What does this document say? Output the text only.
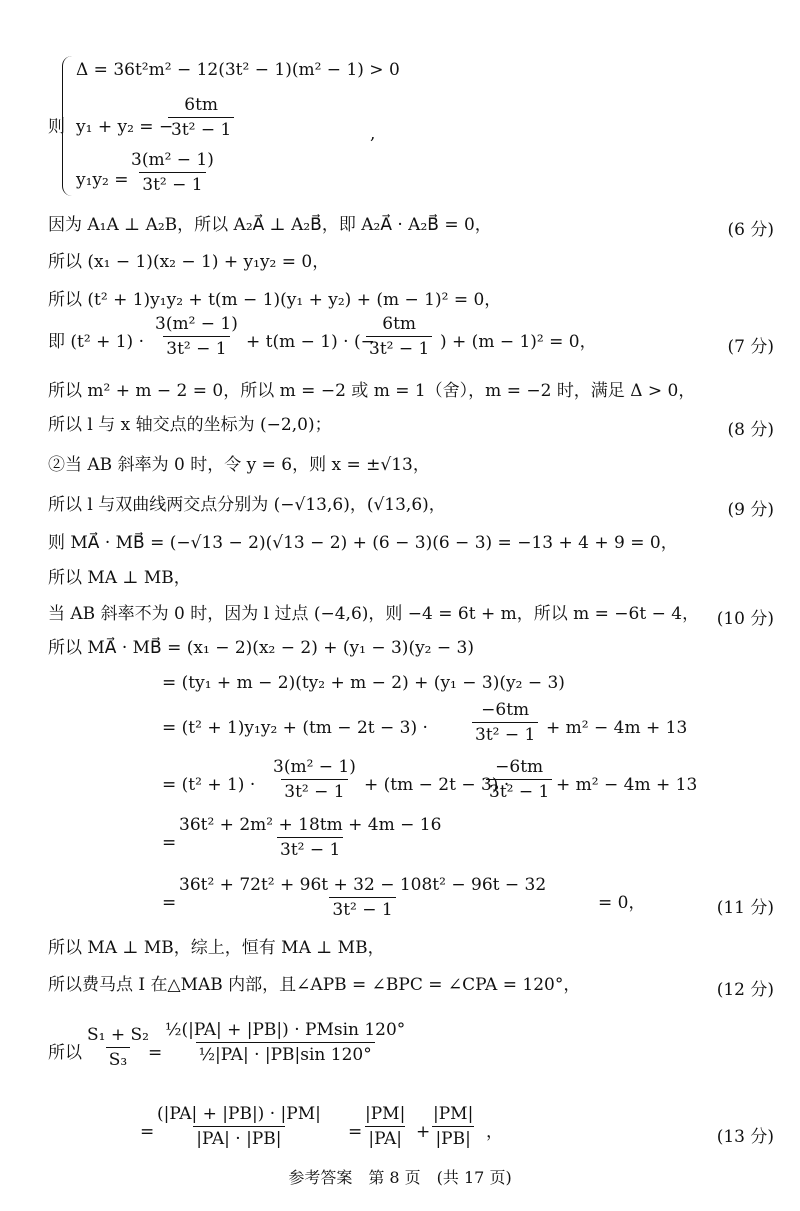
则
Δ = 36t²m² − 12(3t² − 1)(m² − 1) > 0
y₁ + y₂ = −
$\frac{6tm}{\text{3t² − 1}}$	,
$y_1y_2 = \frac{\text{3(m² − 1)}}{\text{3t² − 1}}$
因为 A₁A ⊥ A₂B，所以 A₂A⃗ ⊥ A₂B⃗，即 A₂A⃗ · A₂B⃗ = 0，	(6 分)
所以 (x₁ − 1)(x₂ − 1) + y₁y₂ = 0，
所以 (t² + 1)y₁y₂ + t(m − 1)(y₁ + y₂) + (m − 1)² = 0，
即 $(t^2 + 1) \cdot \frac{\text{3(m² − 1)}}{\text{3t² − 1}} + t(m - 1)$ · (−
$\frac{6tm}{\text{3t² − 1}}$ ) + (m − 1)² = 0，	(7 分)
所以 m² + m − 2 = 0，所以 m = −2 或 m = 1（舍），m = −2 时，满足 Δ > 0，
所以 l 与 x 轴交点的坐标为 (−2,0)；	(8 分)
②当 AB 斜率为 0 时，令 y = 6，则 x = ±√13，
所以 l 与双曲线两交点分别为 (−√13,6)，(√13,6)，	(9 分)
则 MA⃗ · MB⃗ = (−√13 − 2)(√13 − 2) + (6 − 3)(6 − 3) = −13 + 4 + 9 = 0，
所以 MA ⊥ MB，
当 AB 斜率不为 0 时，因为 l 过点 (−4,6)，则 −4 = 6t + m，所以 m = −6t − 4， (10 分)
所以 MA⃗ · MB⃗ = (x₁ − 2)(x₂ − 2) + (y₁ − 3)(y₂ − 3)
= (ty₁ + m − 2)(ty₂ + m − 2) + (y₁ − 3)(y₂ − 3)
= (t² + 1)y₁y₂ + (tm − 2t − 3) ·	$\frac{-6tm}{\text{3t² − 1}} + m^2 - 4m + 13$
= $(t^2 + 1) \cdot \frac{\text{3(m² − 1)}}{\text{3t² − 1}} + (tm - 2t - 3)$ ·
$\frac{-6tm}{\text{3t² − 1}} + m^2 - 4m + 13$
= $\frac{\text{36t² + 2m² + 18tm + 4m − 16}}{\text{3t² − 1}}$
= $\frac{\text{36t² + 72t² + 96t + 32 − 108t² − 96t − 32}}{\text{3t² − 1}}$	= 0，	(11 分)
所以 MA ⊥ MB，综上，恒有 MA ⊥ MB，
所以费马点 I 在△MAB 内部，且∠APB = ∠BPC = ∠CPA = 120°，	(12 分)
所以 $\frac{\text{S₁ + S₂}}{\text{S₃}}$
= $\frac{\text{½(|PA| + |PB|) · PMsin 120°}}{\text{½|PA| · |PB|sin 120°}}$
= $\frac{(|PA| + |PB|) \cdot |PM|}{|PA| \cdot |PB|} = \frac{|PM|}{|PA|} + \frac{|PM|}{|PB|}$ ，	(13 分)
参考答案　第 8 页　(共 17 页)
